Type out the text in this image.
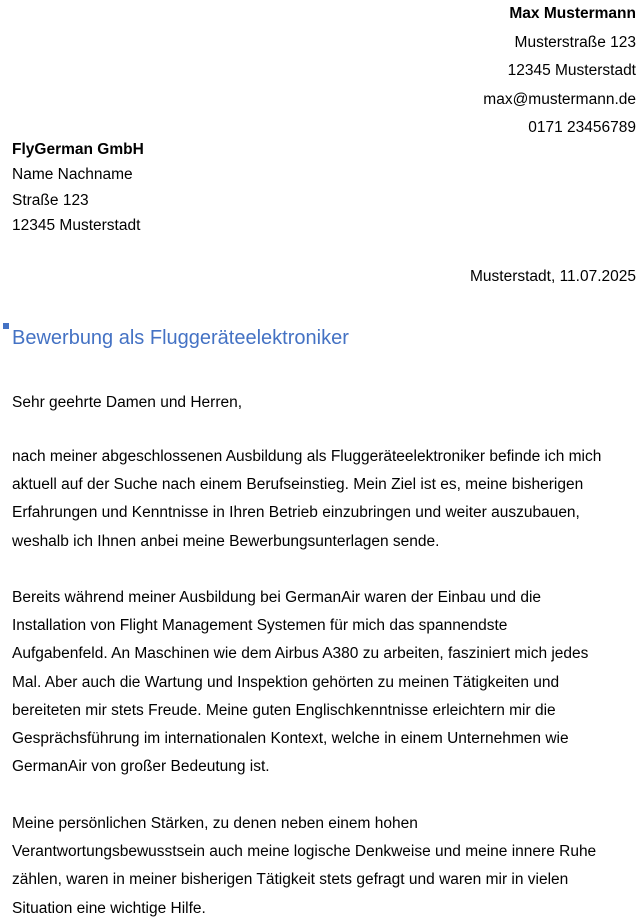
Max Mustermann
Musterstraße 123
12345 Musterstadt
max@mustermann.de
0171 23456789
FlyGerman GmbH
Name Nachname
Straße 123
12345 Musterstadt
Musterstadt, 11.07.2025
Bewerbung als Fluggeräteelektroniker
Sehr geehrte Damen und Herren,
nach meiner abgeschlossenen Ausbildung als Fluggeräteelektroniker befinde ich mich
aktuell auf der Suche nach einem Berufseinstieg. Mein Ziel ist es, meine bisherigen
Erfahrungen und Kenntnisse in Ihren Betrieb einzubringen und weiter auszubauen,
weshalb ich Ihnen anbei meine Bewerbungsunterlagen sende.
Bereits während meiner Ausbildung bei GermanAir waren der Einbau und die
Installation von Flight Management Systemen für mich das spannendste
Aufgabenfeld. An Maschinen wie dem Airbus A380 zu arbeiten, fasziniert mich jedes
Mal. Aber auch die Wartung und Inspektion gehörten zu meinen Tätigkeiten und
bereiteten mir stets Freude. Meine guten Englischkenntnisse erleichtern mir die
Gesprächsführung im internationalen Kontext, welche in einem Unternehmen wie
GermanAir von großer Bedeutung ist.
Meine persönlichen Stärken, zu denen neben einem hohen
Verantwortungsbewusstsein auch meine logische Denkweise und meine innere Ruhe
zählen, waren in meiner bisherigen Tätigkeit stets gefragt und waren mir in vielen
Situation eine wichtige Hilfe.
